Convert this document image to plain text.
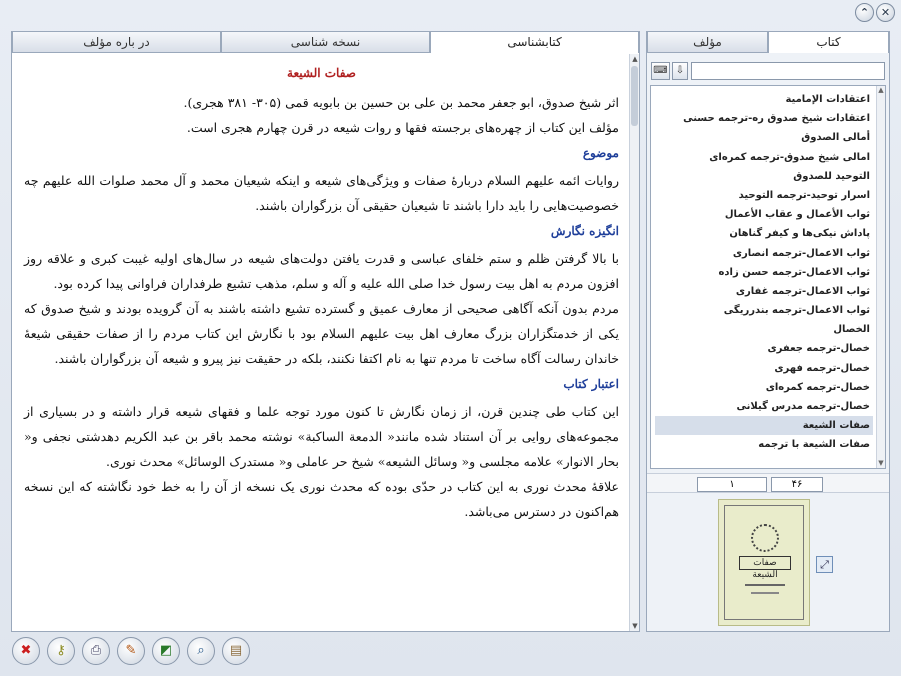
⌃	✕
کتابشناسی
نسخه شناسی
در باره مؤلف
صفات الشیعة

اثر شیخ صدوق، ابو جعفر محمد بن علی بن حسین بن بابویه قمی (۳۰۵- ۳۸۱ هجری).

مؤلف این کتاب از چهره‌های برجسته فقها و روات شیعه در قرن چهارم هجری است.

موضوع

روایات ائمه علیهم السلام دربارۀ صفات و ویژگی‌های شیعه و اینکه شیعیان محمد و آل محمد صلوات الله علیهم چه خصوصیت‌هایی را باید دارا باشند تا شیعیان حقیقی آن بزرگواران باشند.

انگیزه نگارش

با بالا گرفتن ظلم و ستم خلفای عباسی و قدرت یافتن دولت‌های شیعه در سال‌های اولیه غیبت کبری و علاقه روز افزون مردم به اهل بیت رسول خدا صلی الله علیه و آله و سلم، مذهب تشیع طرفداران فراوانی پیدا کرده بود.

مردم بدون آنکه آگاهی صحیحی از معارف عمیق و گسترده تشیع داشته باشند به آن گرویده بودند و شیخ صدوق که یکی از خدمتگزاران بزرگ معارف اهل بیت علیهم السلام بود با نگارش این کتاب مردم را از صفات حقیقی شیعۀ خاندان رسالت آگاه ساخت تا مردم تنها به نام اکتفا نکنند، بلکه در حقیقت نیز پیرو و شیعه آن بزرگواران باشند.

اعتبار کتاب

این کتاب طی چندین قرن، از زمان نگارش تا کنون مورد توجه علما و فقهای شیعه قرار داشته و در بسیاری از مجموعه‌های روایی بر آن استناد شده مانند« الدمعة الساکبة» نوشته محمد باقر بن عبد الکریم دهدشتی نجفی و« بحار الانوار» علامه مجلسی و« وسائل الشیعه» شیخ حر عاملی و« مستدرک الوسائل» محدث نوری.

علاقۀ محدث نوری به این کتاب در حدّی بوده که محدث نوری یک نسخه از آن را به خط خود نگاشته که این نسخه هم‌اکنون در دسترس می‌باشد.

▲
▼
کتاب
مؤلف
⌨ ⇩
اعتقادات الإمامیة
اعتقادات شیخ صدوق ره-ترجمه حسنی
أمالی الصدوق
امالی شیخ صدوق-ترجمه کمره‌ای
التوحید للصدوق
اسرار توحید-ترجمه التوحید
ثواب الأعمال و عقاب الأعمال
پاداش نیکی‌ها و کیفر گناهان
ثواب الاعمال-ترجمه انصاری
ثواب الاعمال-ترجمه حسن زاده
ثواب الاعمال-ترجمه غفاری
ثواب الاعمال-ترجمه بندرریگی
الخصال
خصال-ترجمه جعفری
خصال-ترجمه فهری
خصال-ترجمه کمره‌ای
خصال-ترجمه مدرس گیلانی
صفات الشیعة
صفات الشیعة با ترجمه
▲
▼
۴۶
۱
صفات الشیعة
⤢
✖	⚷	⎙	✎	◩	⌕	▤
